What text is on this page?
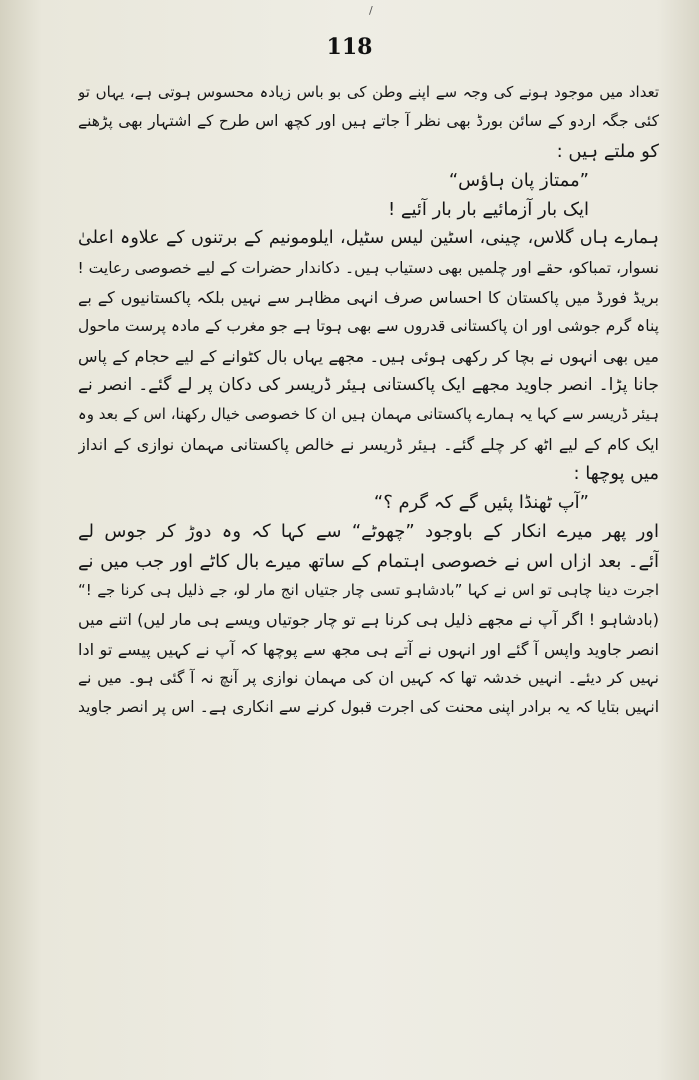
/
118
تعداد میں موجود ہونے کی وجہ سے اپنے وطن کی بو باس زیادہ محسوس ہوتی ہے، یہاں تو
کئی جگہ اردو کے سائن بورڈ بھی نظر آ جاتے ہیں اور کچھ اس طرح کے اشتہار بھی پڑھنے
کو ملتے ہیں :
”ممتاز پان ہاؤس“
ایک بار آزمائیے بار بار آئیے !
ہمارے ہاں گلاس، چینی، اسٹین لیس سٹیل، ایلومونیم کے برتنوں کے علاوہ اعلیٰ
نسوار، تمباکو، حقے اور چلمیں بھی دستیاب ہیں۔ دکاندار حضرات کے لیے خصوصی رعایت !
بریڈ فورڈ میں پاکستان کا احساس صرف انہی مظاہر سے نہیں بلکہ پاکستانیوں کے بے
پناہ گرم جوشی اور ان پاکستانی قدروں سے بھی ہوتا ہے جو مغرب کے مادہ پرست ماحول
میں بھی انہوں نے بچا کر رکھی ہوئی ہیں۔ مجھے یہاں بال کٹوانے کے لیے حجام کے پاس
جانا پڑا۔ انصر جاوید مجھے ایک پاکستانی ہیئر ڈریسر کی دکان پر لے گئے۔ انصر نے
ہیئر ڈریسر سے کہا یہ ہمارے پاکستانی مہمان ہیں ان کا خصوصی خیال رکھنا، اس کے بعد وہ
ایک کام کے لیے اٹھ کر چلے گئے۔ ہیئر ڈریسر نے خالص پاکستانی مہمان نوازی کے انداز
میں پوچھا :
”آپ ٹھنڈا پئیں گے کہ گرم ؟“
اور پھر میرے انکار کے باوجود ”چھوٹے“ سے کہا کہ وہ دوڑ کر جوس لے
آئے۔ بعد ازاں اس نے خصوصی اہتمام کے ساتھ میرے بال کاٹے اور جب میں نے
اجرت دینا چاہی تو اس نے کہا ”بادشاہو تسی چار جتیاں انج مار لو، جے ذلیل ہی کرنا جے !“
(بادشاہو ! اگر آپ نے مجھے ذلیل ہی کرنا ہے تو چار جوتیاں ویسے ہی مار لیں) اتنے میں
انصر جاوید واپس آ گئے اور انہوں نے آتے ہی مجھ سے پوچھا کہ آپ نے کہیں پیسے تو ادا
نہیں کر دیئے۔ انہیں خدشہ تھا کہ کہیں ان کی مہمان نوازی پر آنچ نہ آ گئی ہو۔ میں نے
انہیں بتایا کہ یہ برادر اپنی محنت کی اجرت قبول کرنے سے انکاری ہے۔ اس پر انصر جاوید
